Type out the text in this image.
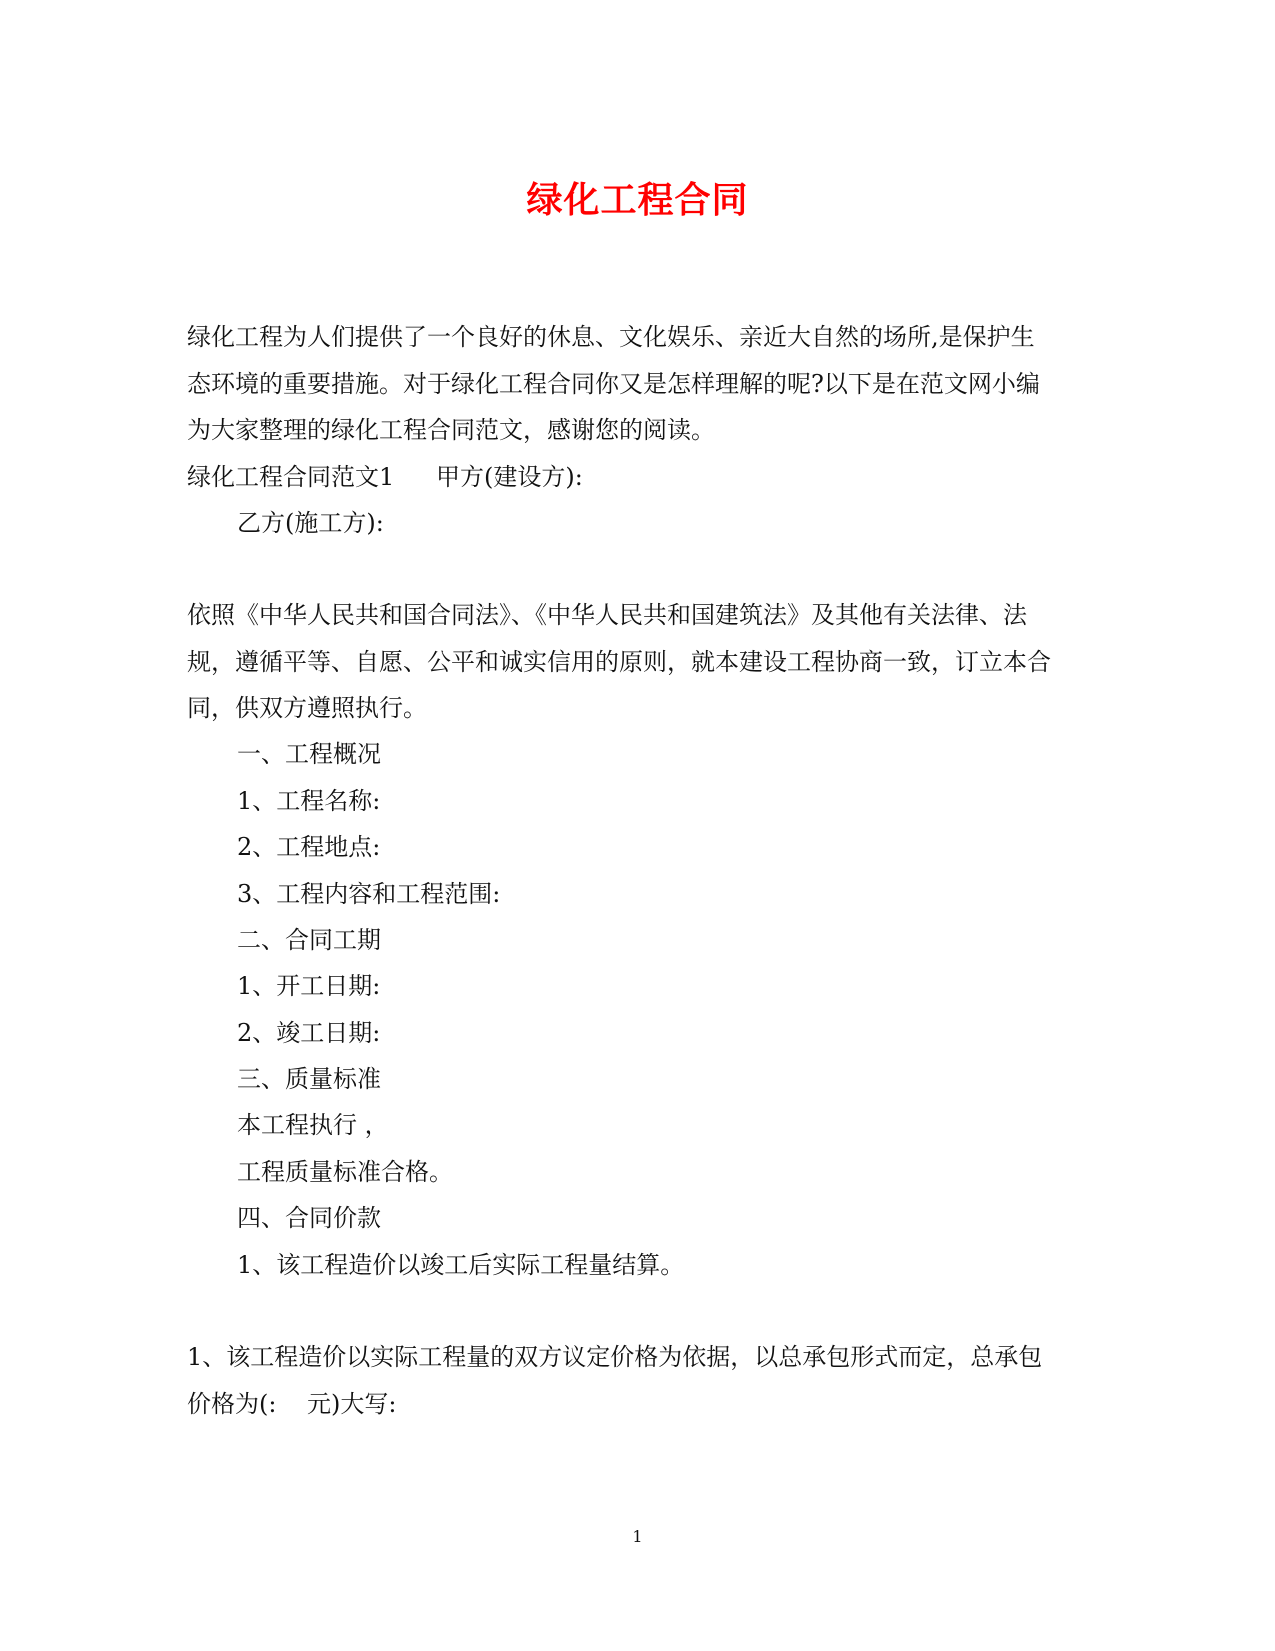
绿化工程合同
绿化工程为人们提供了一个良好的休息、文化娱乐、亲近大自然的场所,是保护生
态环境的重要措施。对于绿化工程合同你又是怎样理解的呢?以下是在范文网小编
为大家整理的绿化工程合同范文，感谢您的阅读。
绿化工程合同范文1 甲方(建设方):
乙方(施工方):
依照《中华人民共和国合同法》、《中华人民共和国建筑法》及其他有关法律、法
规，遵循平等、自愿、公平和诚实信用的原则，就本建设工程协商一致，订立本合
同，供双方遵照执行。
一、工程概况
1、工程名称:
2、工程地点:
3、工程内容和工程范围:
二、合同工期
1、开工日期:
2、竣工日期:
三、质量标准
本工程执行 ，
工程质量标准合格。
四、合同价款
1、该工程造价以竣工后实际工程量结算。
1、该工程造价以实际工程量的双方议定价格为依据，以总承包形式而定，总承包
价格为(:    元)大写:
1
